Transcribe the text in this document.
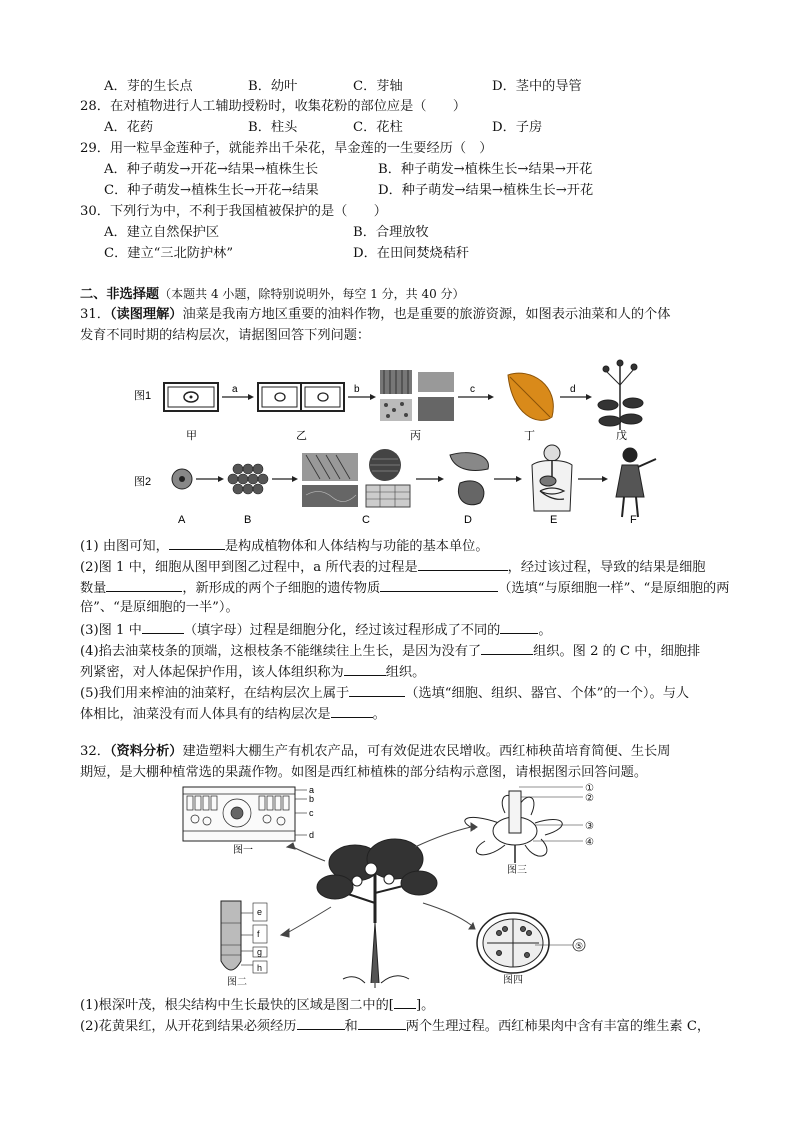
A．芽的生长点	B．幼叶	C．芽轴	D．茎中的导管
28．在对植物进行人工辅助授粉时，收集花粉的部位应是（　　）
A．花药	B．柱头	C．花柱	D．子房
29．用一粒旱金莲种子，就能养出千朵花，旱金莲的一生要经历（　）
A．种子萌发→开花→结果→植株生长	B．种子萌发→植株生长→结果→开花
C．种子萌发→植株生长→开花→结果	D．种子萌发→结果→植株生长→开花
30．下列行为中，不利于我国植被保护的是（　　）
A．建立自然保护区	B．合理放牧
C．建立“三北防护林”	D．在田间焚烧秸秆
二、非选择题（本题共 4 小题，除特别说明外，每空 1 分，共 40 分）
31．（读图理解）油菜是我南方地区重要的油料作物，也是重要的旅游资源，如图表示油菜和人的个体
发育不同时期的结构层次，请据图回答下列问题：
图1
a	b	c	d
甲	乙	丙	丁	戊
图2
A	B	C	D	E	F
(1) 由图可知，	是构成植物体和人体结构与功能的基本单位。
(2)图 1 中，细胞从图甲到图乙过程中，a 所代表的过程是	，经过该过程，导致的结果是细胞
数量	，新形成的两个子细胞的遗传物质	（选填“与原细胞一样”、“是原细胞的两
倍”、“是原细胞的一半”）。
(3)图 1 中	（填字母）过程是细胞分化，经过该过程形成了不同的	。
(4)掐去油菜枝条的顶端，这根枝条不能继续往上生长，是因为没有了	组织。图 2 的 C 中，细胞排
列紧密，对人体起保护作用，该人体组织称为	组织。
(5)我们用来榨油的油菜籽，在结构层次上属于	（选填“细胞、组织、器官、个体”的一个）。与人
体相比，油菜没有而人体具有的结构层次是	。
32．（资料分析）建造塑料大棚生产有机农产品，可有效促进农民增收。西红柿秧苗培育简便、生长周
期短，是大棚种植常选的果蔬作物。如图是西红柿植株的部分结构示意图，请根据图示回答问题。
a
b
c
d
图一
①
②
③
④
图三
e
f
g
h
图二
⑤
图四
(1)根深叶茂，根尖结构中生长最快的区域是图二中的[ ]。
(2)花黄果红，从开花到结果必须经历	和	两个生理过程。西红柿果肉中含有丰富的维生素 C，
